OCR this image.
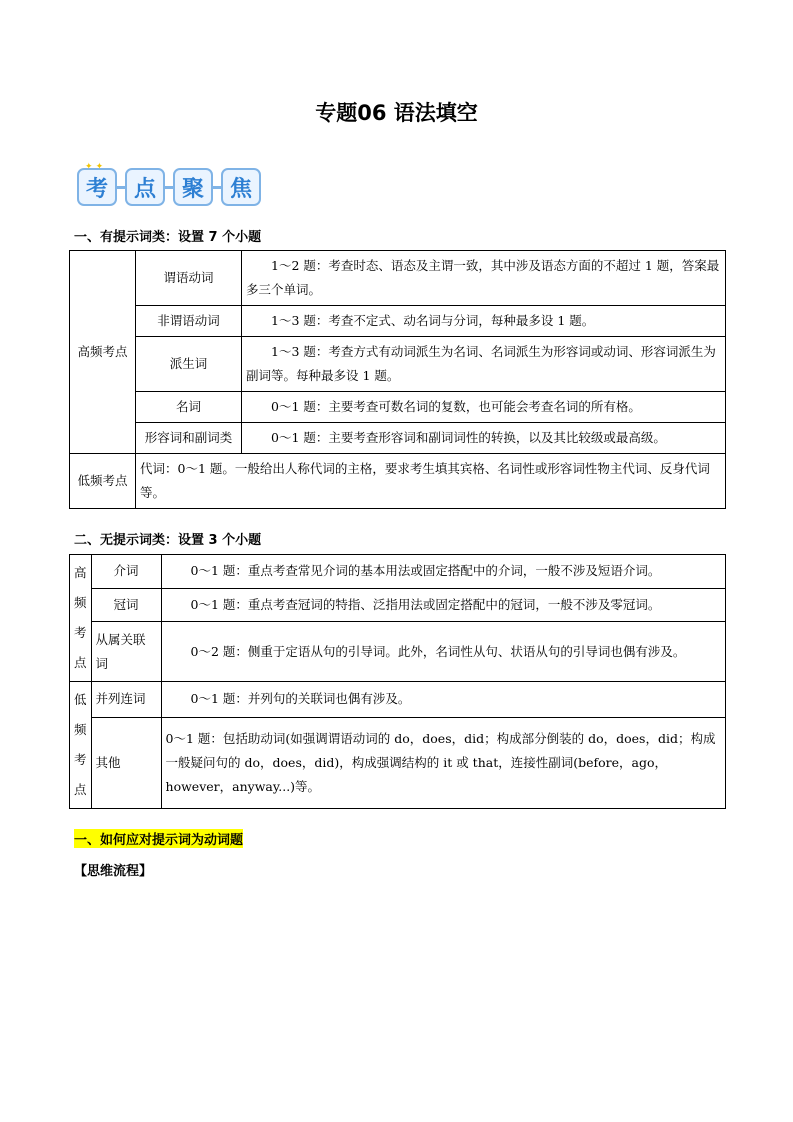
专题06 语法填空
✦ ✦
考 点 聚 焦
一、有提示词类：设置 7 个小题
高频考点	谓语动词	1～2 题：考查时态、语态及主谓一致，其中涉及语态方面的不超过 1 题，答案最多三个单词。
	非谓语动词	1～3 题：考查不定式、动名词与分词，每种最多设 1 题。
	派生词	1～3 题：考查方式有动词派生为名词、名词派生为形容词或动词、形容词派生为副词等。每种最多设 1 题。
	名词	0～1 题：主要考查可数名词的复数，也可能会考查名词的所有格。
	形容词和副词类	0～1 题：主要考查形容词和副词词性的转换，以及其比较级或最高级。
低频考点	代词：0～1 题。一般给出人称代词的主格，要求考生填其宾格、名词性或形容词性物主代词、反身代词等。	
二、无提示词类：设置 3 个小题
高
频
考
点	介词	0～1 题：重点考查常见介词的基本用法或固定搭配中的介词，一般不涉及短语介词。
	冠词	0～1 题：重点考查冠词的特指、泛指用法或固定搭配中的冠词，一般不涉及零冠词。
	从属关联词	0～2 题：侧重于定语从句的引导词。此外，名词性从句、状语从句的引导词也偶有涉及。
低
频
考
点	并列连词	0～1 题：并列句的关联词也偶有涉及。
	其他	0～1 题：包括助动词(如强调谓语动词的 do，does，did；构成部分倒装的 do，does，did；构成一般疑问句的 do，does，did)，构成强调结构的 it 或 that，连接性副词(before，ago，however，anyway...)等。
一、如何应对提示词为动词题
【思维流程】
